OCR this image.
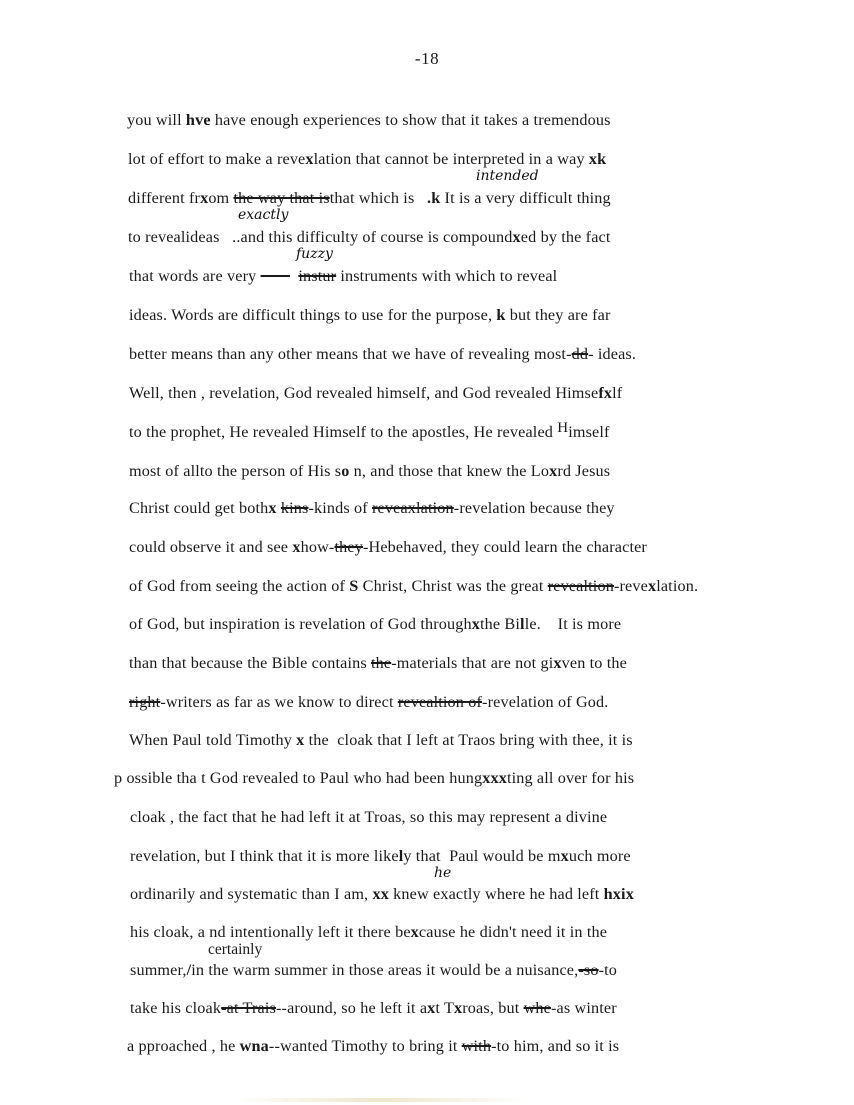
-18
you will hve have enough experiences to show that it takes a tremendous
lot of effort to make a revexlation that cannot be interpreted in a way xk
different frxom the way that isthat which is   .k It is a very difficult thing
to revealideas   ..and this difficulty of course is compoundxed by the fact
that words are very          instur instruments with which to reveal
ideas. Words are difficult things to use for the purpose, k but they are far
better means than any other means that we have of revealing most-dd- ideas.
Well, then , revelation, God revealed himself, and God revealed Himsefxlf
to the prophet, He revealed Himself to the apostles, He revealed Himself
most of allto the person of His so n, and those that knew the Loxrd Jesus
Christ could get bothx kins-kinds of reveaxlation-revelation because they
could observe it and see xhow-they-Hebehaved, they could learn the character
of God from seeing the action of S Christ, Christ was the great revealtion-revexlation.
of God, but inspiration is revelation of God throughxthe Bille.    It is more
than that because the Bible contains the-materials that are not gixven to the
right-writers as far as we know to direct revealtion of-revelation of God.
When Paul told Timothy x the  cloak that I left at Traos bring with thee, it is
p ossible tha t God revealed to Paul who had been hungxxxting all over for his
cloak , the fact that he had left it at Troas, so this may represent a divine
revelation, but I think that it is more likely that  Paul would be mxuch more
ordinarily and systematic than I am, xx knew exactly where he had left hxix
his cloak, a nd intentionally left it there bexcause he didn't need it in the
summer,/in the warm summer in those areas it would be a nuisance,-so-to
take his cloak-at Trais--around, so he left it axt Txroas, but whe-as winter
a pproached , he wna--wanted Timothy to bring it with-to him, and so it is
intended
exactly
fuzzy
he
certainly
